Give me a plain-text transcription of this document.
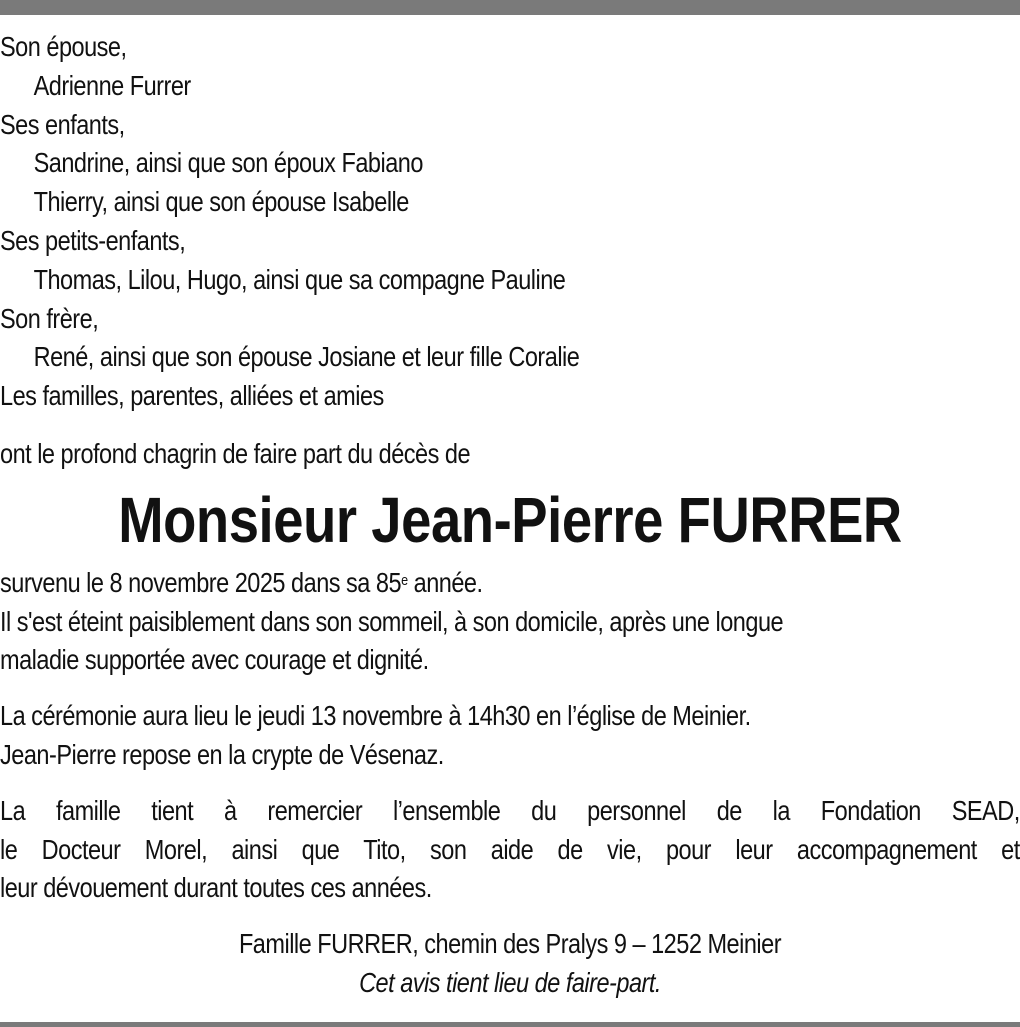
Son épouse,
Adrienne Furrer
Ses enfants,
Sandrine, ainsi que son époux Fabiano
Thierry, ainsi que son épouse Isabelle
Ses petits-enfants,
Thomas, Lilou, Hugo, ainsi que sa compagne Pauline
Son frère,
René, ainsi que son épouse Josiane et leur fille Coralie
Les familles, parentes, alliées et amies
ont le profond chagrin de faire part du décès de
Monsieur Jean-Pierre FURRER
survenu le 8 novembre 2025 dans sa 85e année.
Il s'est éteint paisiblement dans son sommeil, à son domicile, après une longue
maladie supportée avec courage et dignité.
La cérémonie aura lieu le jeudi 13 novembre à 14h30 en l’église de Meinier.
Jean-Pierre repose en la crypte de Vésenaz.
La famille tient à remercier l’ensemble du personnel de la Fondation SEAD,
le Docteur Morel, ainsi que Tito, son aide de vie, pour leur accompagnement et
leur dévouement durant toutes ces années.
Famille FURRER, chemin des Pralys 9 – 1252 Meinier
Cet avis tient lieu de faire-part.
